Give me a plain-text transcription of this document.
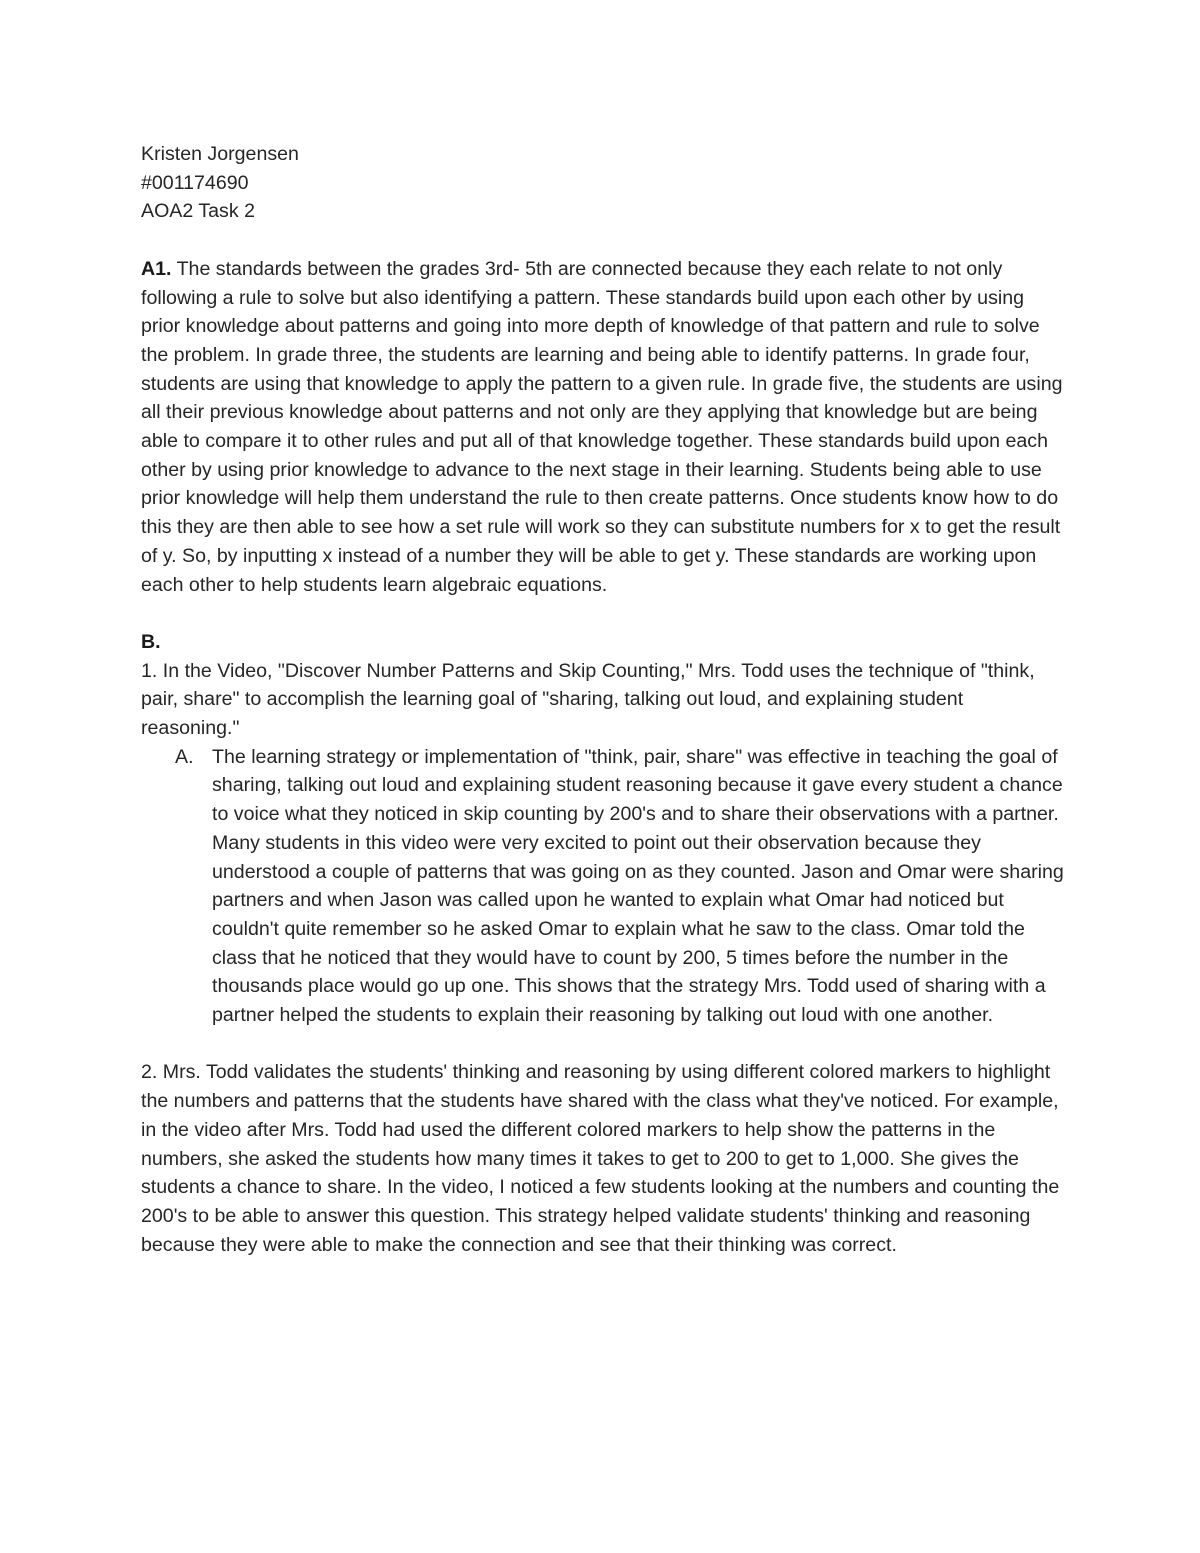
Kristen Jorgensen

#001174690

AOA2 Task 2

A1. The standards between the grades 3rd- 5th are connected because they each relate to not only following a rule to solve but also identifying a pattern. These standards build upon each other by using prior knowledge about patterns and going into more depth of knowledge of that pattern and rule to solve the problem. In grade three, the students are learning and being able to identify patterns. In grade four, students are using that knowledge to apply the pattern to a given rule. In grade five, the students are using all their previous knowledge about patterns and not only are they applying that knowledge but are being able to compare it to other rules and put all of that knowledge together. These standards build upon each other by using prior knowledge to advance to the next stage in their learning. Students being able to use prior knowledge will help them understand the rule to then create patterns. Once students know how to do this they are then able to see how a set rule will work so they can substitute numbers for x to get the result of y. So, by inputting x instead of a number they will be able to get y. These standards are working upon each other to help students learn algebraic equations.

B.

1. In the Video, "Discover Number Patterns and Skip Counting," Mrs. Todd uses the technique of "think, pair, share" to accomplish the learning goal of "sharing, talking out loud, and explaining student reasoning."

A. The learning strategy or implementation of "think, pair, share" was effective in teaching the goal of sharing, talking out loud and explaining student reasoning because it gave every student a chance to voice what they noticed in skip counting by 200's and to share their observations with a partner. Many students in this video were very excited to point out their observation because they understood a couple of patterns that was going on as they counted. Jason and Omar were sharing partners and when Jason was called upon he wanted to explain what Omar had noticed but couldn't quite remember so he asked Omar to explain what he saw to the class. Omar told the class that he noticed that they would have to count by 200, 5 times before the number in the thousands place would go up one. This shows that the strategy Mrs. Todd used of sharing with a partner helped the students to explain their reasoning by talking out loud with one another.

2. Mrs. Todd validates the students' thinking and reasoning by using different colored markers to highlight the numbers and patterns that the students have shared with the class what they've noticed. For example, in the video after Mrs. Todd had used the different colored markers to help show the patterns in the numbers, she asked the students how many times it takes to get to 200 to get to 1,000. She gives the students a chance to share. In the video, I noticed a few students looking at the numbers and counting the 200's to be able to answer this question. This strategy helped validate students' thinking and reasoning because they were able to make the connection and see that their thinking was correct.
